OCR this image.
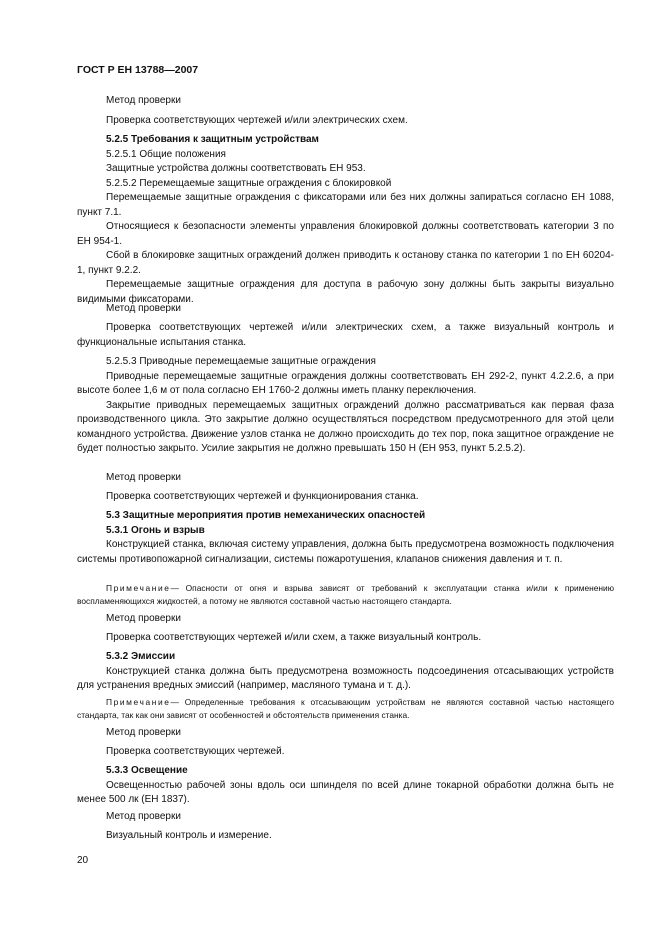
ГОСТ Р ЕН 13788—2007

Метод проверки

Проверка соответствующих чертежей и/или электрических схем.

5.2.5 Требования к защитным устройствам

5.2.5.1 Общие положения

Защитные устройства должны соответствовать ЕН 953.

5.2.5.2 Перемещаемые защитные ограждения с блокировкой

Перемещаемые защитные ограждения с фиксаторами или без них должны запираться согласно ЕН 1088, пункт 7.1.

Относящиеся к безопасности элементы управления блокировкой должны соответствовать категории 3 по ЕН 954-1.

Сбой в блокировке защитных ограждений должен приводить к останову станка по категории 1 по ЕН 60204-1, пункт 9.2.2.

Перемещаемые защитные ограждения для доступа в рабочую зону должны быть закрыты визуально видимыми фиксаторами.

Метод проверки

Проверка соответствующих чертежей и/или электрических схем, а также визуальный контроль и функциональные испытания станка.

5.2.5.3 Приводные перемещаемые защитные ограждения

Приводные перемещаемые защитные ограждения должны соответствовать ЕН 292-2, пункт 4.2.2.6, а при высоте более 1,6 м от пола согласно ЕН 1760-2 должны иметь планку переключения.

Закрытие приводных перемещаемых защитных ограждений должно рассматриваться как первая фаза производственного цикла. Это закрытие должно осуществляться посредством предусмотренного для этой цели командного устройства. Движение узлов станка не должно происходить до тех пор, пока защитное ограждение не будет полностью закрыто. Усилие закрытия не должно превышать 150 Н (ЕН 953, пункт 5.2.5.2).

Метод проверки

Проверка соответствующих чертежей и функционирования станка.

5.3 Защитные мероприятия против немеханических опасностей

5.3.1 Огонь и взрыв

Конструкцией станка, включая систему управления, должна быть предусмотрена возможность подключения системы противопожарной сигнализации, системы пожаротушения, клапанов снижения давления и т. п.

Примечание— Опасности от огня и взрыва зависят от требований к эксплуатации станка и/или к применению воспламеняющихся жидкостей, а потому не являются составной частью настоящего стандарта.

Метод проверки

Проверка соответствующих чертежей и/или схем, а также визуальный контроль.

5.3.2 Эмиссии

Конструкцией станка должна быть предусмотрена возможность подсоединения отсасывающих устройств для устранения вредных эмиссий (например, масляного тумана и т. д.).

Примечание— Определенные требования к отсасывающим устройствам не являются составной частью настоящего стандарта, так как они зависят от особенностей и обстоятельств применения станка.

Метод проверки

Проверка соответствующих чертежей.

5.3.3 Освещение

Освещенностью рабочей зоны вдоль оси шпинделя по всей длине токарной обработки должна быть не менее 500 лк (ЕН 1837).

Метод проверки

Визуальный контроль и измерение.

20
